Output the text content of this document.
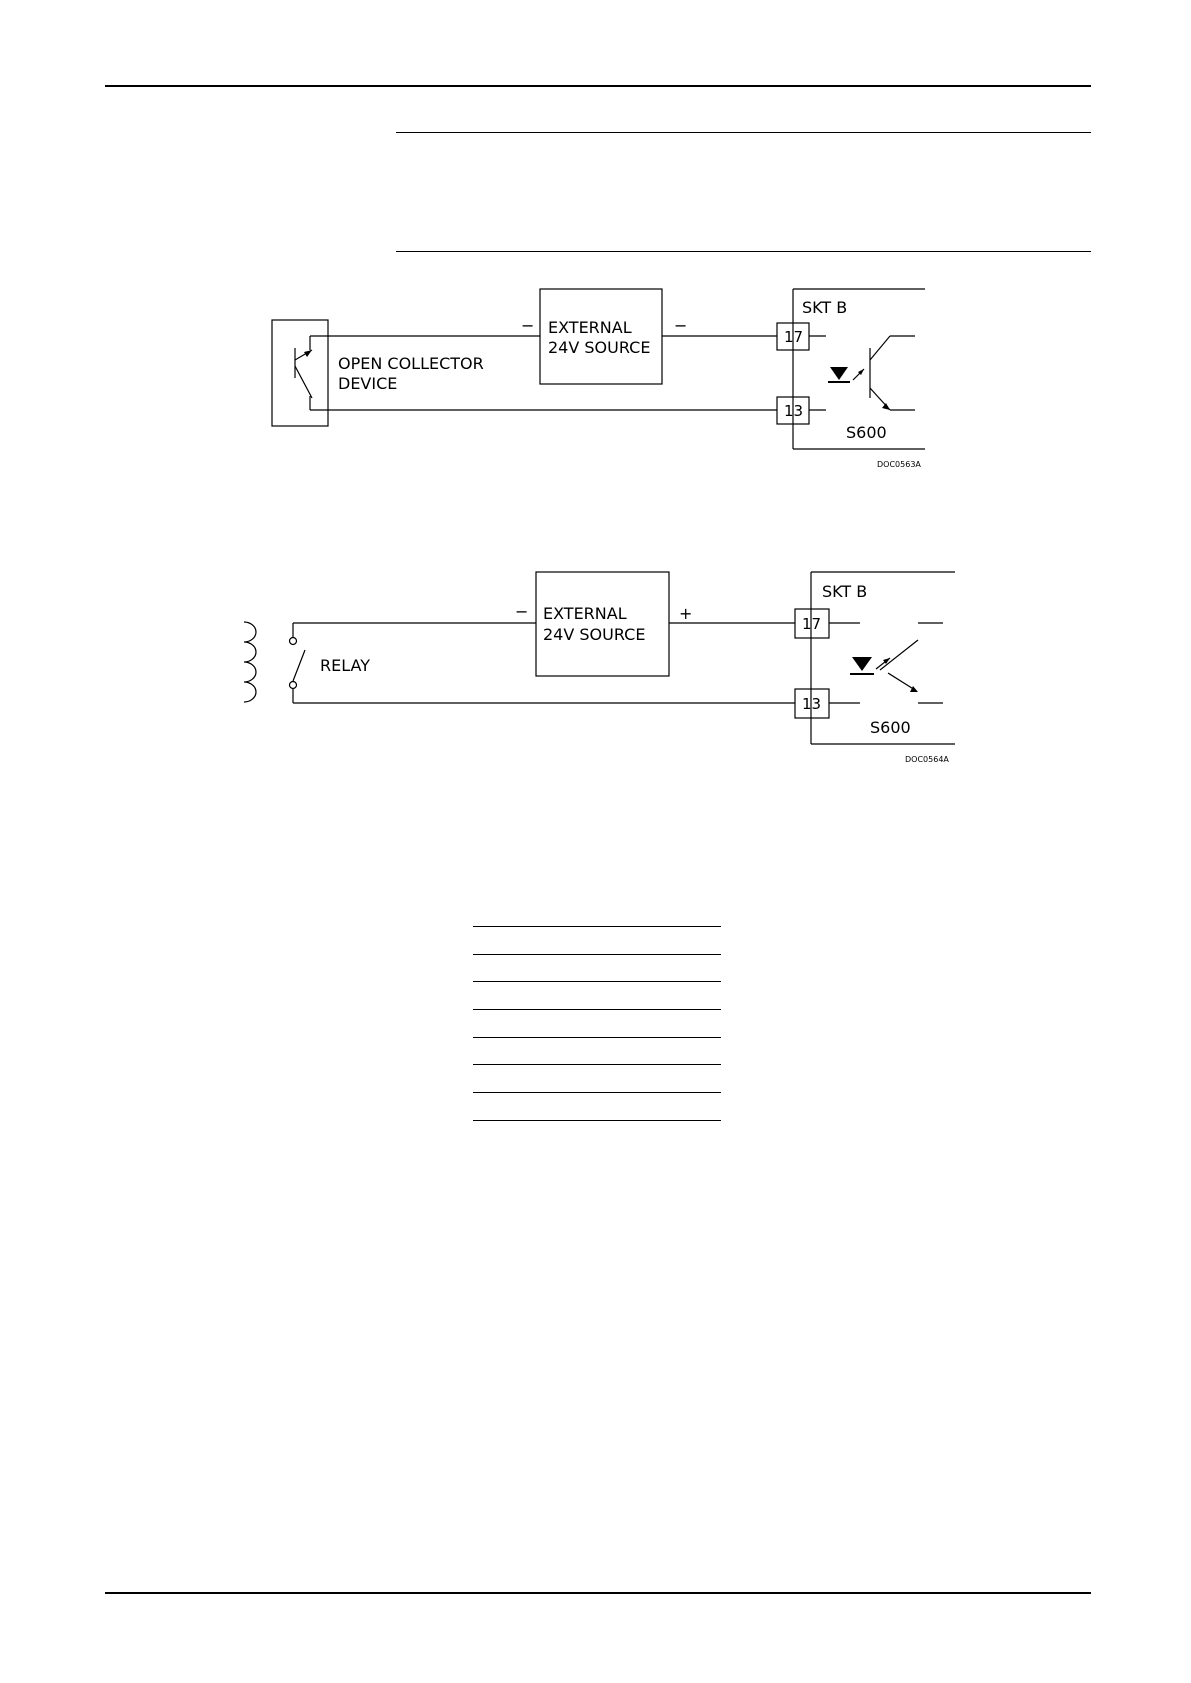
OPEN COLLECTOR
DEVICE
EXTERNAL
24V SOURCE
−	−
SKT B
17
13
S600
DOC0563A
RELAY
EXTERNAL
24V SOURCE
−	+
SKT B
17
13
S600
DOC0564A
